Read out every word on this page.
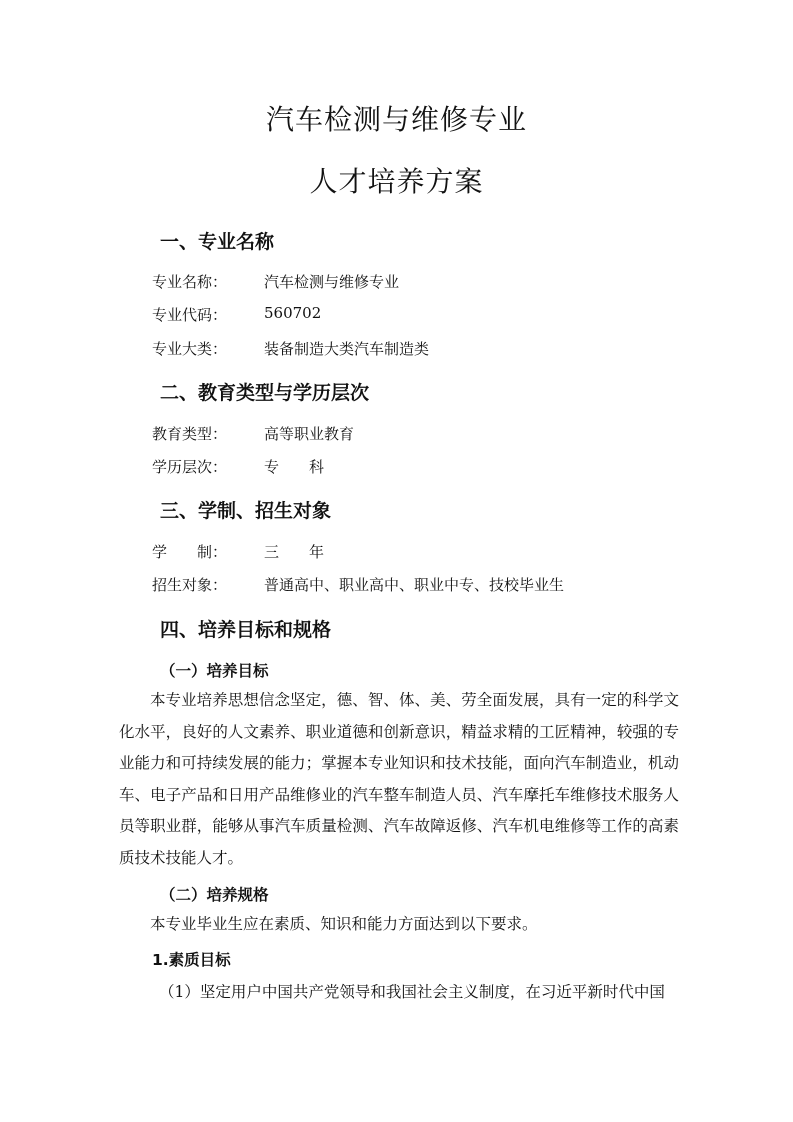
汽车检测与维修专业
人才培养方案
一、专业名称
专业名称： 汽车检测与维修专业
专业代码： 560702
专业大类： 装备制造大类汽车制造类
二、教育类型与学历层次
教育类型： 高等职业教育
学历层次： 专　　科
三、学制、招生对象
学　　制： 三　　年
招生对象： 普通高中、职业高中、职业中专、技校毕业生
四、培养目标和规格
（一）培养目标

本专业培养思想信念坚定，德、智、体、美、劳全面发展，具有一定的科学文化水平，良好的人文素养、职业道德和创新意识，精益求精的工匠精神，较强的专业能力和可持续发展的能力；掌握本专业知识和技术技能，面向汽车制造业，机动车、电子产品和日用产品维修业的汽车整车制造人员、汽车摩托车维修技术服务人员等职业群，能够从事汽车质量检测、汽车故障返修、汽车机电维修等工作的高素质技术技能人才。

（二）培养规格
本专业毕业生应在素质、知识和能力方面达到以下要求。
1.素质目标
（1）坚定用户中国共产党领导和我国社会主义制度，在习近平新时代中国
